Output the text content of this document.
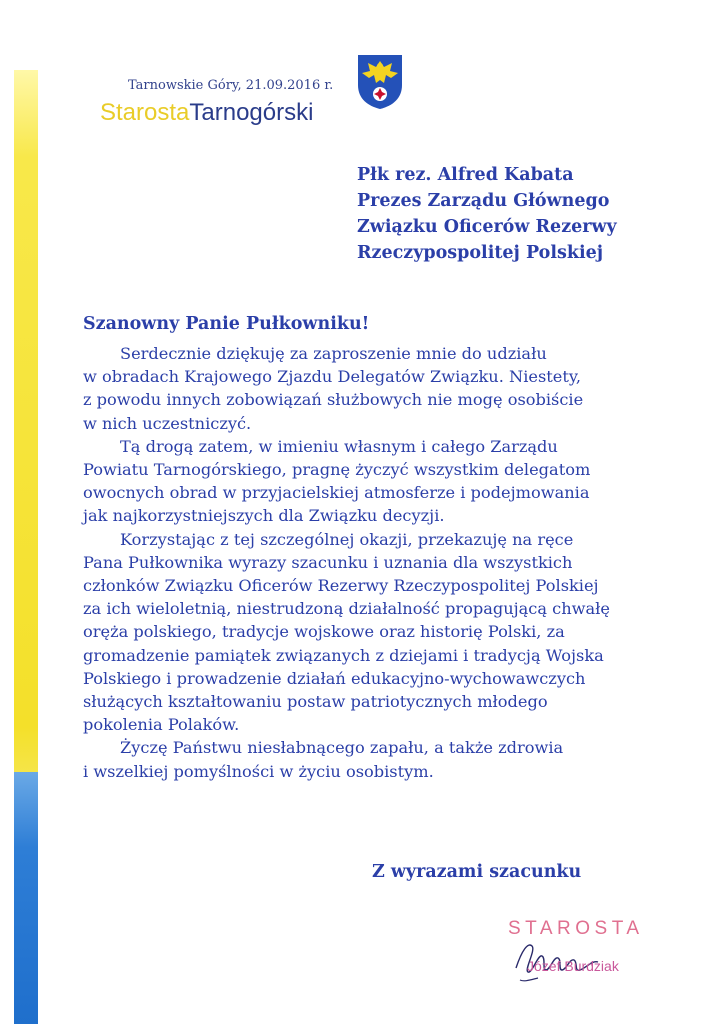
Tarnowskie Góry, 21.09.2016 r.
StarostaTarnogórski
Płk rez. Alfred Kabata
Prezes Zarządu Głównego
Związku Oficerów Rezerwy
Rzeczypospolitej Polskiej
Szanowny Panie Pułkowniku!

Serdecznie dziękuję za zaproszenie mnie do udziału
w obradach Krajowego Zjazdu Delegatów Związku. Niestety,
z powodu innych zobowiązań służbowych nie mogę osobiście
w nich uczestniczyć.

Tą drogą zatem, w imieniu własnym i całego Zarządu
Powiatu Tarnogórskiego, pragnę życzyć wszystkim delegatom
owocnych obrad w przyjacielskiej atmosferze i podejmowania
jak najkorzystniejszych dla Związku decyzji.

Korzystając z tej szczególnej okazji, przekazuję na ręce
Pana Pułkownika wyrazy szacunku i uznania dla wszystkich
członków Związku Oficerów Rezerwy Rzeczypospolitej Polskiej
za ich wieloletnią, niestrudzoną działalność propagującą chwałę
oręża polskiego, tradycje wojskowe oraz historię Polski, za
gromadzenie pamiątek związanych z dziejami i tradycją Wojska
Polskiego i prowadzenie działań edukacyjno-wychowawczych
służących kształtowaniu postaw patriotycznych młodego
pokolenia Polaków.

Życzę Państwu niesłabnącego zapału, a także zdrowia
i wszelkiej pomyślności w życiu osobistym.

Z wyrazami szacunku
STAROSTA
Józef Burdziak
